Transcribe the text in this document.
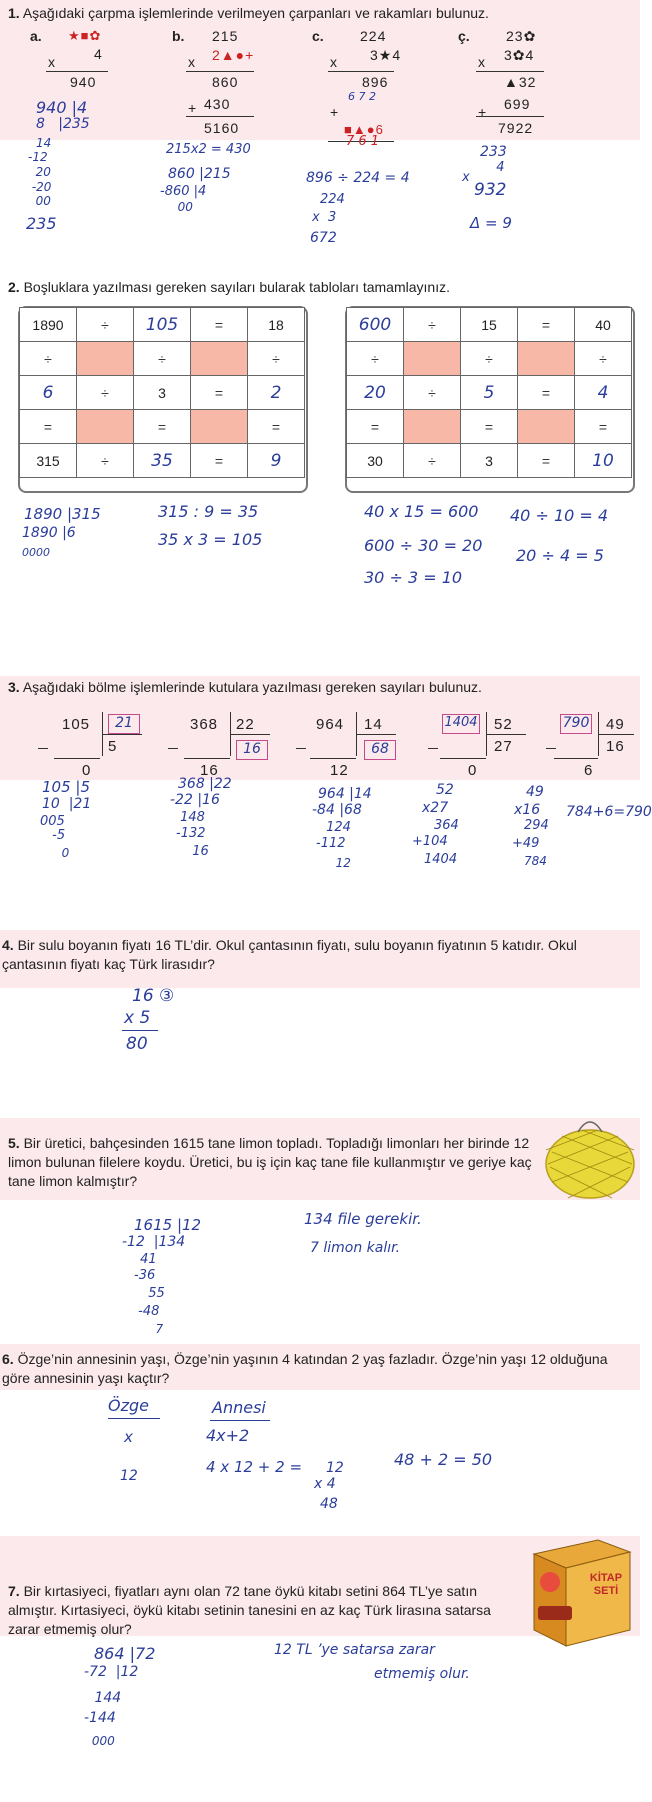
1. Aşağıdaki çarpma işlemlerinde verilmeyen çarpanları ve rakamları bulunuz.
a. ★■✿
4
x
940
b. 215
x 2▲●+
860
+ 430
5160
c.	224
x 3★4
896
6 7 2
+
■▲●6
7 6 1
ç.	23✿
x 3✿4
▲32
+ 699
7922
940 |4
8   |235
14
-12
20
-20
00
235
215x2 = 430
860 |215
-860 |4
00
896 ÷ 224 = 4
224
x  3
672
233
4
x
932
Δ = 9
2. Boşluklara yazılması gereken sayıları bularak tabloları tamamlayınız.
1890	÷	105	=	18
÷		÷		÷
6	÷	3	=	2
=		=		=
315	÷	35	=	9
600	÷	15	=	40
÷		÷		÷
20	÷	5	=	4
=		=		=
30	÷	3	=	10
1890 |315
1890 |6
0000
315 : 9 = 35
35 x 3 = 105
40 x 15 = 600
600 ÷ 30 = 20
30 ÷ 3 = 10
40 ÷ 10 = 4
20 ÷ 4 = 5
3. Aşağıdaki bölme işlemlerinde kutulara yazılması gereken sayıları bulunuz.
105	21
5
0
368 22
16
16
964 14
68
12
1404 52
27
0
790 49
16
6
105 |5
10  |21
005
-5
0
368 |22
-22 |16
148
-132
16
964 |14
-84 |68
124
-112
12
52
x27
364
+104
1404
49
x16
294
+49
784
784+6=790
4. Bir sulu boyanın fiyatı 16 TL’dir. Okul çantasının fiyatı, sulu boyanın fiyatının 5 katıdır. Okul çantasının fiyatı kaç Türk lirasıdır?
16 ③
x 5
80
5. Bir üretici, bahçesinden 1615 tane limon topladı. Topladığı limonları her birinde 12 limon bulunan filelere koydu. Üretici, bu iş için kaç tane file kullanmıştır ve geriye kaç tane limon kalmıştır?
1615 |12
-12  |134
41
-36
55
-48
7
134 file gerekir.
7 limon kalır.
6. Özge’nin annesinin yaşı, Özge’nin yaşının 4 katından 2 yaş fazladır. Özge’nin yaşı 12 olduğuna göre annesinin yaşı kaçtır?
Özge
x
12
Annesi
4x+2
4 x 12 + 2 = 12
x 4
48
48 + 2 = 50
7. Bir kırtasiyeci, fiyatları aynı olan 72 tane öykü kitabı setini 864 TL’ye satın almıştır. Kırtasiyeci, öykü kitabı setinin tanesini en az kaç Türk lirasına satarsa zarar etmemiş olur?
KİTAP SETİ
864 |72
-72  |12
144
-144
000
12 TL ’ye satarsa zarar
etmemiş olur.
